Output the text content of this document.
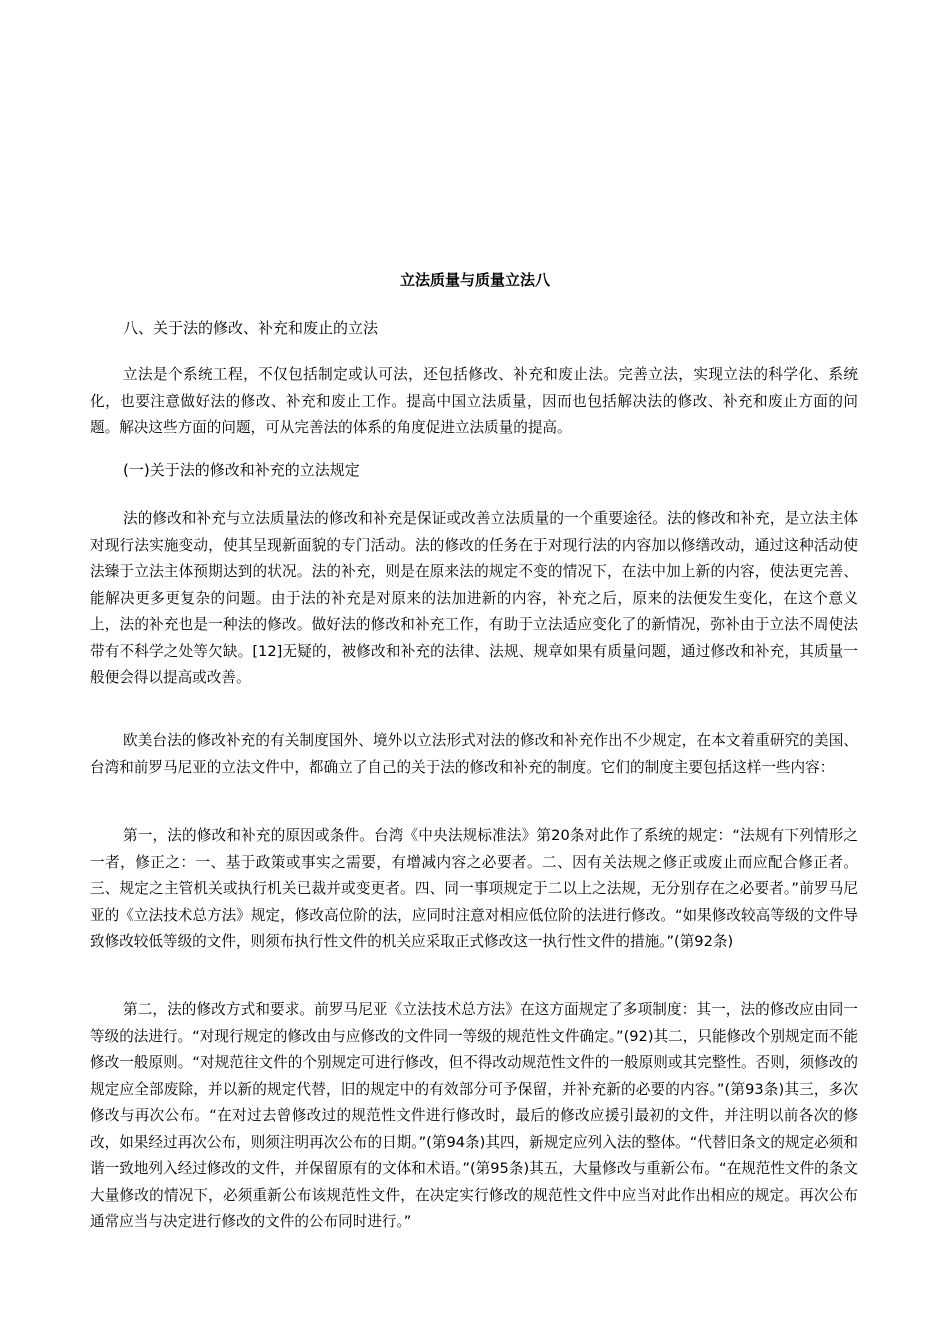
立法质量与质量立法八
八、关于法的修改、补充和废止的立法

立法是个系统工程，不仅包括制定或认可法，还包括修改、补充和废止法。完善立法，实现立法的科学化、系统化，也要注意做好法的修改、补充和废止工作。提高中国立法质量，因而也包括解决法的修改、补充和废止方面的问题。解决这些方面的问题，可从完善法的体系的角度促进立法质量的提高。

(一)关于法的修改和补充的立法规定

法的修改和补充与立法质量法的修改和补充是保证或改善立法质量的一个重要途径。法的修改和补充，是立法主体对现行法实施变动，使其呈现新面貌的专门活动。法的修改的任务在于对现行法的内容加以修缮改动，通过这种活动使法臻于立法主体预期达到的状况。法的补充，则是在原来法的规定不变的情况下，在法中加上新的内容，使法更完善、能解决更多更复杂的问题。由于法的补充是对原来的法加进新的内容，补充之后，原来的法便发生变化，在这个意义上，法的补充也是一种法的修改。做好法的修改和补充工作，有助于立法适应变化了的新情况，弥补由于立法不周使法带有不科学之处等欠缺。[12]无疑的，被修改和补充的法律、法规、规章如果有质量问题，通过修改和补充，其质量一般便会得以提高或改善。

欧美台法的修改补充的有关制度国外、境外以立法形式对法的修改和补充作出不少规定，在本文着重研究的美国、台湾和前罗马尼亚的立法文件中，都确立了自己的关于法的修改和补充的制度。它们的制度主要包括这样一些内容：

第一，法的修改和补充的原因或条件。台湾《中央法规标准法》第20条对此作了系统的规定：“法规有下列情形之一者，修正之：一、基于政策或事实之需要，有增减内容之必要者。二、因有关法规之修正或废止而应配合修正者。三、规定之主管机关或执行机关已裁并或变更者。四、同一事项规定于二以上之法规，无分别存在之必要者。”前罗马尼亚的《立法技术总方法》规定，修改高位阶的法，应同时注意对相应低位阶的法进行修改。“如果修改较高等级的文件导致修改较低等级的文件，则须布执行性文件的机关应采取正式修改这一执行性文件的措施。”(第92条)

第二，法的修改方式和要求。前罗马尼亚《立法技术总方法》在这方面规定了多项制度：其一，法的修改应由同一等级的法进行。“对现行规定的修改由与应修改的文件同一等级的规范性文件确定。”(92)其二，只能修改个别规定而不能修改一般原则。“对规范往文件的个别规定可进行修改，但不得改动规范性文件的一般原则或其完整性。否则，须修改的规定应全部废除，并以新的规定代替，旧的规定中的有效部分可予保留，并补充新的必要的内容。”(第93条)其三，多次修改与再次公布。“在对过去曾修改过的规范性文件进行修改时，最后的修改应援引最初的文件，并注明以前各次的修改，如果经过再次公布，则须注明再次公布的日期。”(第94条)其四，新规定应列入法的整体。“代替旧条文的规定必须和谐一致地列入经过修改的文件，并保留原有的文体和术语。”(第95条)其五，大量修改与重新公布。“在规范性文件的条文大量修改的情况下，必须重新公布该规范性文件，在决定实行修改的规范性文件中应当对此作出相应的规定。再次公布通常应当与决定进行修改的文件的公布同时进行。”
